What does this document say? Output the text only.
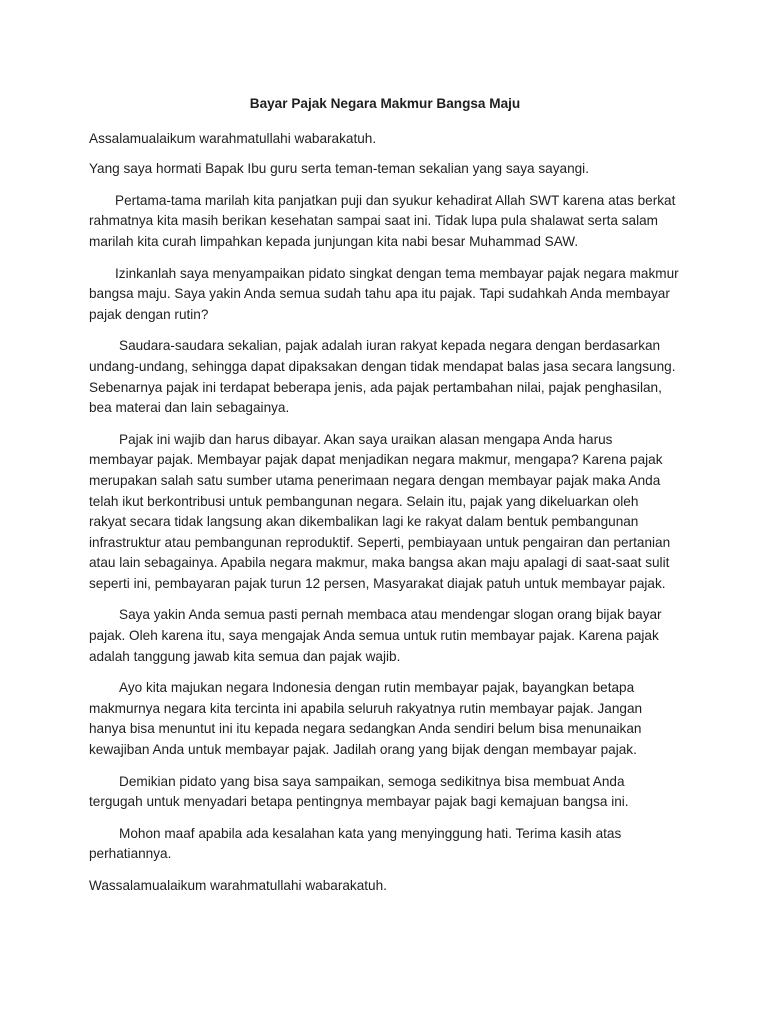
Bayar Pajak Negara Makmur Bangsa Maju

Assalamualaikum warahmatullahi wabarakatuh.

Yang saya hormati Bapak Ibu guru serta teman-teman sekalian yang saya sayangi.

Pertama-tama marilah kita panjatkan puji dan syukur kehadirat Allah SWT karena atas berkat rahmatnya kita masih berikan kesehatan sampai saat ini. Tidak lupa pula shalawat serta salam marilah kita curah limpahkan kepada junjungan kita nabi besar Muhammad SAW.

Izinkanlah saya menyampaikan pidato singkat dengan tema membayar pajak negara makmur bangsa maju. Saya yakin Anda semua sudah tahu apa itu pajak. Tapi sudahkah Anda membayar pajak dengan rutin?

Saudara-saudara sekalian, pajak adalah iuran rakyat kepada negara dengan berdasarkan undang-undang, sehingga dapat dipaksakan dengan tidak mendapat balas jasa secara langsung. Sebenarnya pajak ini terdapat beberapa jenis, ada pajak pertambahan nilai, pajak penghasilan, bea materai dan lain sebagainya.

Pajak ini wajib dan harus dibayar. Akan saya uraikan alasan mengapa Anda harus membayar pajak. Membayar pajak dapat menjadikan negara makmur, mengapa? Karena pajak merupakan salah satu sumber utama penerimaan negara dengan membayar pajak maka Anda telah ikut berkontribusi untuk pembangunan negara. Selain itu, pajak yang dikeluarkan oleh rakyat secara tidak langsung akan dikembalikan lagi ke rakyat dalam bentuk pembangunan infrastruktur atau pembangunan reproduktif. Seperti, pembiayaan untuk pengairan dan pertanian atau lain sebagainya. Apabila negara makmur, maka bangsa akan maju apalagi di saat-saat sulit seperti ini, pembayaran pajak turun 12 persen, Masyarakat diajak patuh untuk membayar pajak.

Saya yakin Anda semua pasti pernah membaca atau mendengar slogan orang bijak bayar pajak. Oleh karena itu, saya mengajak Anda semua untuk rutin membayar pajak. Karena pajak adalah tanggung jawab kita semua dan pajak wajib.

Ayo kita majukan negara Indonesia dengan rutin membayar pajak, bayangkan betapa makmurnya negara kita tercinta ini apabila seluruh rakyatnya rutin membayar pajak. Jangan hanya bisa menuntut ini itu kepada negara sedangkan Anda sendiri belum bisa menunaikan kewajiban Anda untuk membayar pajak. Jadilah orang yang bijak dengan membayar pajak.

Demikian pidato yang bisa saya sampaikan, semoga sedikitnya bisa membuat Anda tergugah untuk menyadari betapa pentingnya membayar pajak bagi kemajuan bangsa ini.

Mohon maaf apabila ada kesalahan kata yang menyinggung hati. Terima kasih atas perhatiannya.

Wassalamualaikum warahmatullahi wabarakatuh.
